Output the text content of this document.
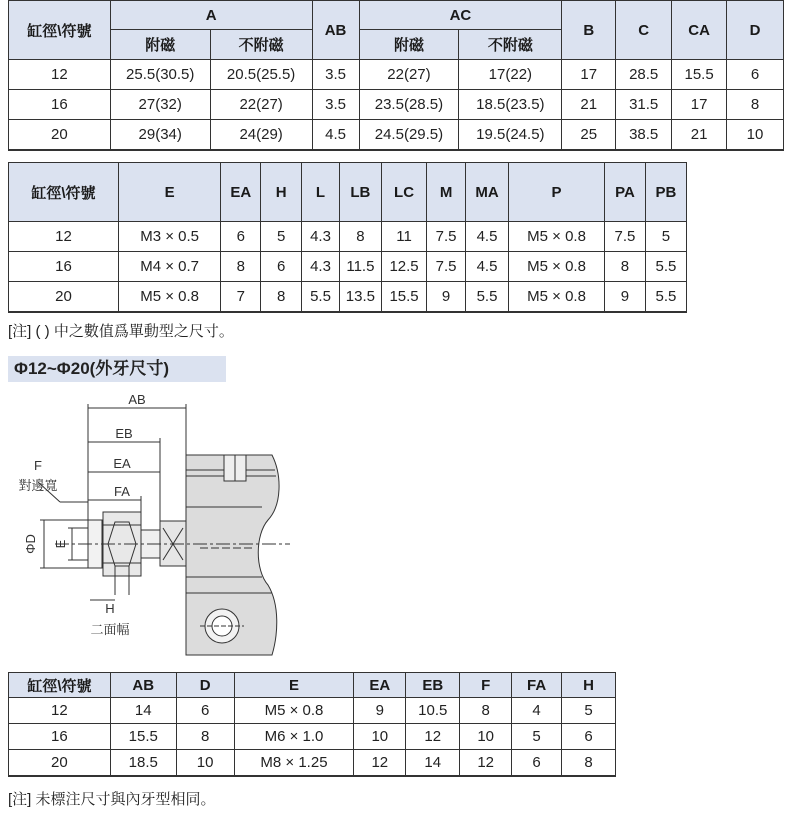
缸徑\符號	A		AB	AC		B	C	CA	D
	附磁	不附磁		附磁	不附磁				
12	25.5(30.5)	20.5(25.5)	3.5	22(27)	17(22)	17	28.5	15.5	6
16	27(32)	22(27)	3.5	23.5(28.5)	18.5(23.5)	21	31.5	17	8
20	29(34)	24(29)	4.5	24.5(29.5)	19.5(24.5)	25	38.5	21	10
缸徑\符號	E	EA	H	L	LB	LC	M	MA	P	PA	PB
12	M3 × 0.5	6	5	4.3	8	11	7.5	4.5	M5 × 0.8	7.5	5
16	M4 × 0.7	8	6	4.3	11.5	12.5	7.5	4.5	M5 × 0.8	8	5.5
20	M5 × 0.8	7	8	5.5	13.5	15.5	9	5.5	M5 × 0.8	9	5.5
[注] ( ) 中之數值爲單動型之尺寸。
Φ12~Φ20(外牙尺寸)
AB
EB
EA
FA
F
對邊寬
ΦD E
H
二面幅
缸徑\符號	AB	D	E	EA	EB	F	FA	H
12	14	6	M5 × 0.8	9	10.5	8	4	5
16	15.5	8	M6 × 1.0	10	12	10	5	6
20	18.5	10	M8 × 1.25	12	14	12	6	8
[注] 未標注尺寸與內牙型相同。
